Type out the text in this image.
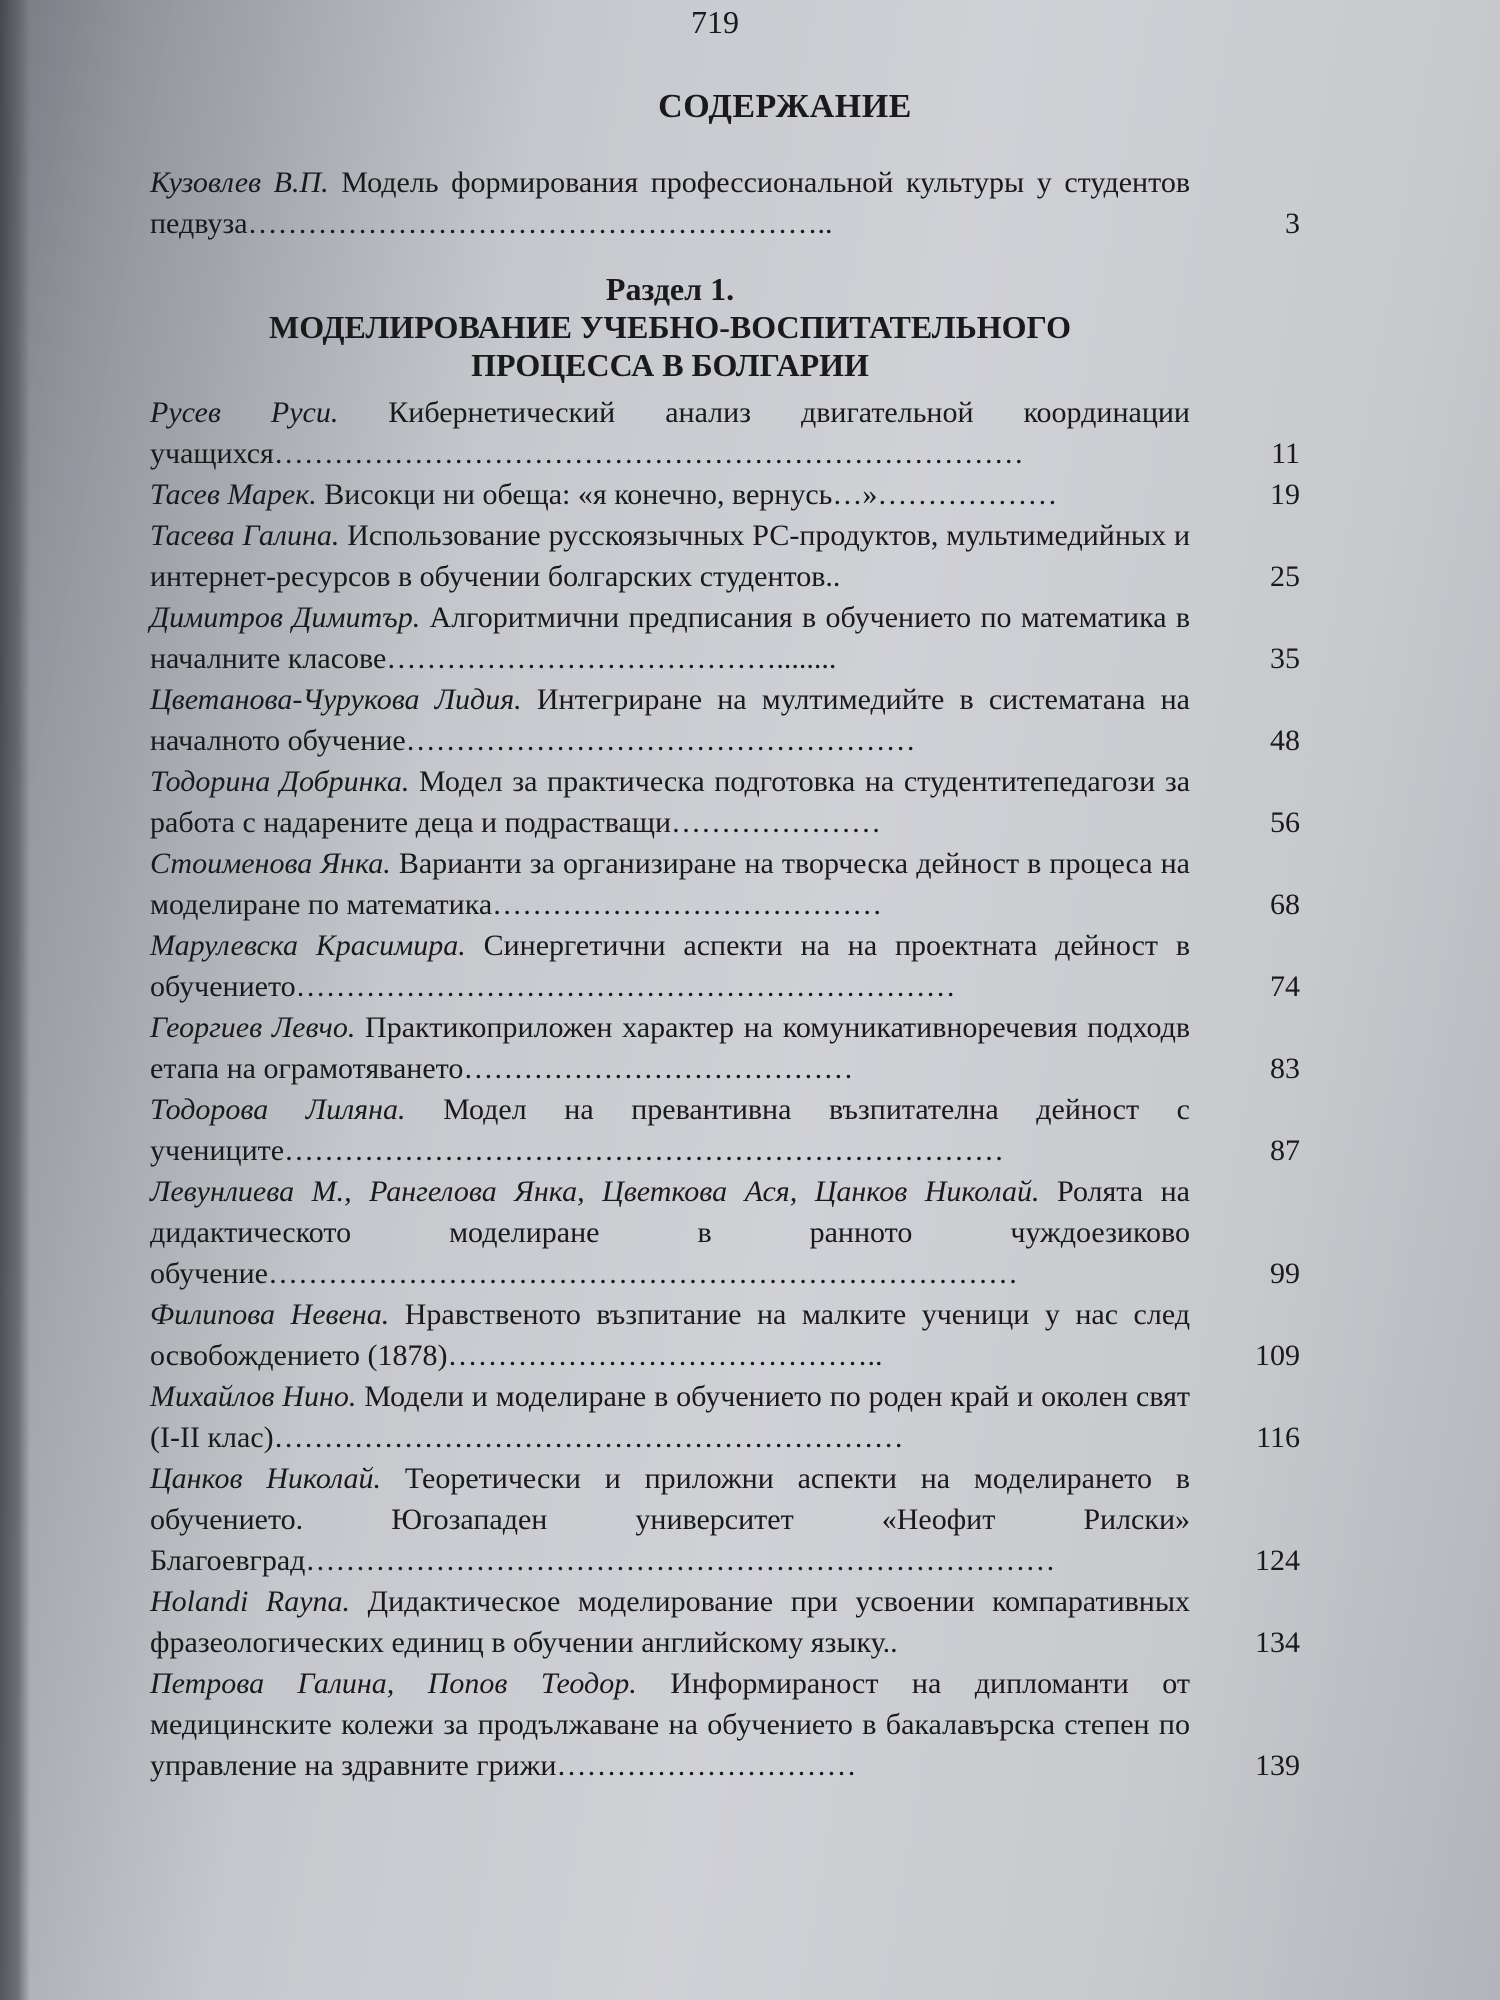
719
СОДЕРЖАНИЕ
Кузовлев В.П. Модель формирования профессиональной культуры у студентов педвуза…………………………………………………..	3
Раздел 1.
МОДЕЛИРОВАНИЕ УЧЕБНО-ВОСПИТАТЕЛЬНОГО
ПРОЦЕССА В БОЛГАРИИ
Русев Руси. Кибернетический анализ двигательной координации учащихся…………………………………………………………………	11
Тасев Марек. Високци ни обеща: «я конечно, вернусь…»………………	19
Тасева Галина. Использование русскоязычных РС-продуктов, мультимедийных и интернет-ресурсов в обучении болгарских студентов..	25
Димитров Димитър. Алгоритмични предписания в обучението по математика в началните класове…………………………………........	35
Цветанова-Чурукова Лидия. Интегриране на мултимедийте в систематана на началното обучение……………………………………………	48
Тодорина Добринка. Модел за практическа подготовка на студентитепедагози за работа с надарените деца и подрастващи…………………	56
Стоименова Янка. Варианти за организиране на творческа дейност в процеса на моделиране по математика…………………………………	68
Марулевска Красимира. Синергетични аспекти на на проектната дейност в обучението…………………………………………………………	74
Георгиев Левчо. Практикоприложен характер на комуникативноречевия подходв етапа на ограмотяването…………………………………	83
Тодорова Лиляна. Модел на превантивна възпитателна дейност с учениците………………………………………………………………	87
Левунлиева М., Рангелова Янка, Цветкова Ася, Цанков Николай. Ролята на дидактическото моделиране в ранното чуждоезиково обучение…………………………………………………………………	99
Филипова Невена. Нравственото възпитание на малките ученици у нас след освобождението (1878)……………………………………..	109
Михайлов Нино. Модели и моделиране в обучението по роден край и околен свят (I-II клас)………………………………………………………	116
Цанков Николай. Теоретически и приложни аспекти на моделирането в обучението. Югозападен университет «Неофит Рилски» Благоевград…………………………………………………………………	124
Holandi Rayna. Дидактическое моделирование при усвоении компаративных фразеологических единиц в обучении английскому языку..	134
Петрова Галина, Попов Теодор. Информираност на дипломанти от медицинските колежи за продължаване на обучението в бакалавърска степен по управление на здравните грижи…………………………	139
